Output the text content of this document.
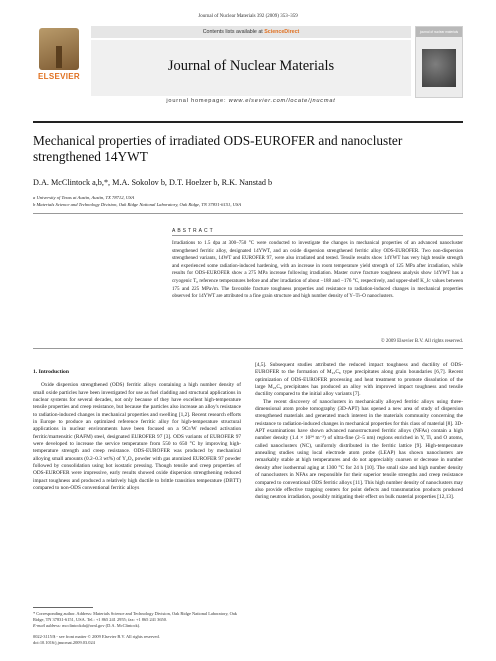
Journal of Nuclear Materials 392 (2009) 353–359
ELSEVIER
Contents lists available at ScienceDirect
Journal of Nuclear Materials
journal homepage: www.elsevier.com/locate/jnucmat
journal of nuclear materials
Mechanical properties of irradiated ODS-EUROFER and nanocluster strengthened 14YWT
D.A. McClintock a,b,*, M.A. Sokolov b, D.T. Hoelzer b, R.K. Nanstad b
a University of Texas at Austin, Austin, TX 78712, USA
b Materials Science and Technology Division, Oak Ridge National Laboratory, Oak Ridge, TN 37831-6151, USA
ABSTRACT

Irradiations to 1.5 dpa at 300–750 °C were conducted to investigate the changes in mechanical properties of an advanced nanocluster strengthened ferritic alloy, designated 14YWT, and an oxide dispersion strengthened ferritic alloy ODS-EUROFER. Two non-dispersion strengthened variants, 14WT and EUROFER 97, were also irradiated and tested. Tensile results show 14YWT has very high tensile strength and experienced some radiation-induced hardening, with an increase in room temperature yield strength of 125 MPa after irradiation, while results for ODS-EUROFER show a 275 MPa increase following irradiation. Master curve fracture toughness analysis show 14YWT has a cryogenic T₀ reference temperatures before and after irradiation of about −188 and −176 °C, respectively, and upper-shelf K_Jc values between 175 and 225 MPa√m. The favorable fracture toughness properties and resistance to radiation-induced changes in mechanical properties observed for 14YWT are attributed to a fine grain structure and high number density of Y–Ti–O nanoclusters.

© 2009 Elsevier B.V. All rights reserved.
1. Introduction

Oxide dispersion strengthened (ODS) ferritic alloys containing a high number density of small oxide particles have been investigated for use as fuel cladding and structural applications in nuclear systems for several decades, not only because of they have excellent high-temperature tensile properties and creep resistance, but because the particles also increase an alloy's resistance to radiation-induced changes in mechanical properties and swelling [1,2]. Recent research efforts in Europe to produce an optimized reference ferritic alloy for high-temperature structural applications in nuclear environments have been focused on a 9Cr/W reduced activation ferritic/martensitic (RAFM) steel, designated EUROFER 97 [3]. ODS variants of EUROFER 97 were developed to increase the service temperature from 550 to 650 °C by improving high-temperature strength and creep resistance. ODS-EUROFER was produced by mechanical alloying small amounts (0.2–0.3 wt%) of Y₂O₃ powder with gas atomized EUROFER 97 powder followed by consolidation using hot isostatic pressing. Though tensile and creep properties of ODS-EUROFER were impressive, early results showed oxide dispersion strengthening reduced impact toughness and produced a relatively high ductile to brittle transition temperature (DBTT) compared to non-ODS conventional ferritic alloys

[4,5]. Subsequent studies attributed the reduced impact toughness and ductility of ODS-EUROFER to the formation of M₂₃C₆ type precipitates along grain boundaries [6,7]. Recent optimization of ODS-EUROFER processing and heat treatment to promote dissolution of the large M₂₃C₆ precipitates has produced an alloy with improved impact toughness and tensile ductility compared to the initial alloy variants [7].

The recent discovery of nanoclusters in mechanically alloyed ferritic alloys using three-dimensional atom probe tomography (3D-APT) has opened a new area of study of dispersion strengthened materials and generated much interest in the materials community concerning the resistance to radiation-induced changes in mechanical properties for this class of material [8]. 3D-APT examinations have shown advanced nanostructured ferritic alloys (NFAs) contain a high number density (1.4 × 10²⁴ m⁻³) of ultra-fine (2–5 nm) regions enriched in Y, Ti, and O atoms, called nanoclusters (NC), uniformly distributed in the ferritic lattice [9]. High-temperature annealing studies using local electrode atom probe (LEAP) has shown nanoclusters are remarkably stable at high temperatures and do not appreciably coarsen or decrease in number density after isothermal aging at 1300 °C for 24 h [10]. The small size and high number density of nanoclusters in NFAs are responsible for their superior tensile strengths and creep resistance compared to conventional ODS ferritic alloys [11]. This high number density of nanoclusters may also provide effective trapping centers for point defects and transmutation products produced during neutron irradiation, possibly mitigating their effect on bulk material properties [12,13].

* Corresponding author. Address: Materials Science and Technology Division, Oak Ridge National Laboratory, Oak Ridge, TN 37831-6151, USA. Tel.: +1 865 241 2955; fax: +1 865 241 3650.
E-mail address: mcclintockda@ornl.gov (D.A. McClintock).
0022-3115/$ - see front matter © 2009 Elsevier B.V. All rights reserved.
doi:10.1016/j.jnucmat.2009.03.024
